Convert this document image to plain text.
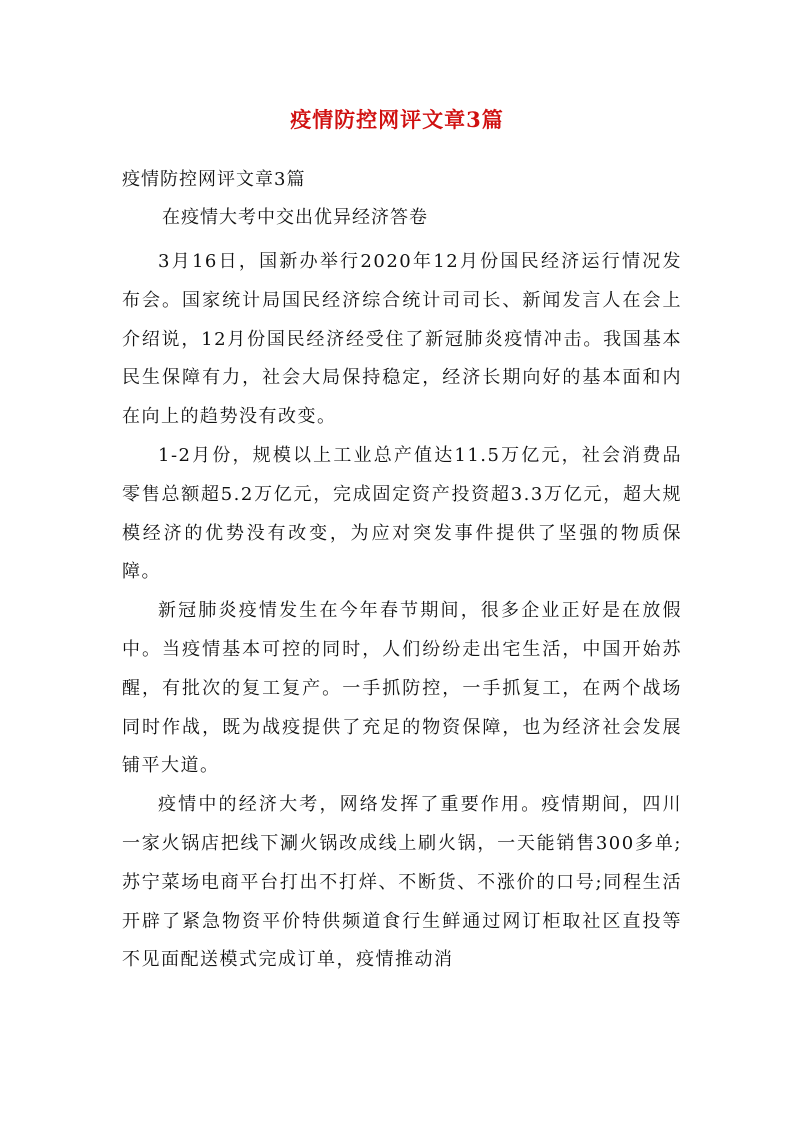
疫情防控网评文章3篇
疫情防控网评文章3篇
在疫情大考中交出优异经济答卷

3月16日，国新办举行2020年12月份国民经济运行情况发布会。国家统计局国民经济综合统计司司长、新闻发言人在会上介绍说，12月份国民经济经受住了新冠肺炎疫情冲击。我国基本民生保障有力，社会大局保持稳定，经济长期向好的基本面和内在向上的趋势没有改变。

1-2月份，规模以上工业总产值达11.5万亿元，社会消费品零售总额超5.2万亿元，完成固定资产投资超3.3万亿元，超大规模经济的优势没有改变，为应对突发事件提供了坚强的物质保障。

新冠肺炎疫情发生在今年春节期间，很多企业正好是在放假中。当疫情基本可控的同时，人们纷纷走出宅生活，中国开始苏醒，有批次的复工复产。一手抓防控，一手抓复工，在两个战场同时作战，既为战疫提供了充足的物资保障，也为经济社会发展铺平大道。

疫情中的经济大考，网络发挥了重要作用。疫情期间，四川一家火锅店把线下涮火锅改成线上刷火锅，一天能销售300多单;苏宁菜场电商平台打出不打烊、不断货、不涨价的口号;同程生活开辟了紧急物资平价特供频道食行生鲜通过网订柜取社区直投等不见面配送模式完成订单，疫情推动消
